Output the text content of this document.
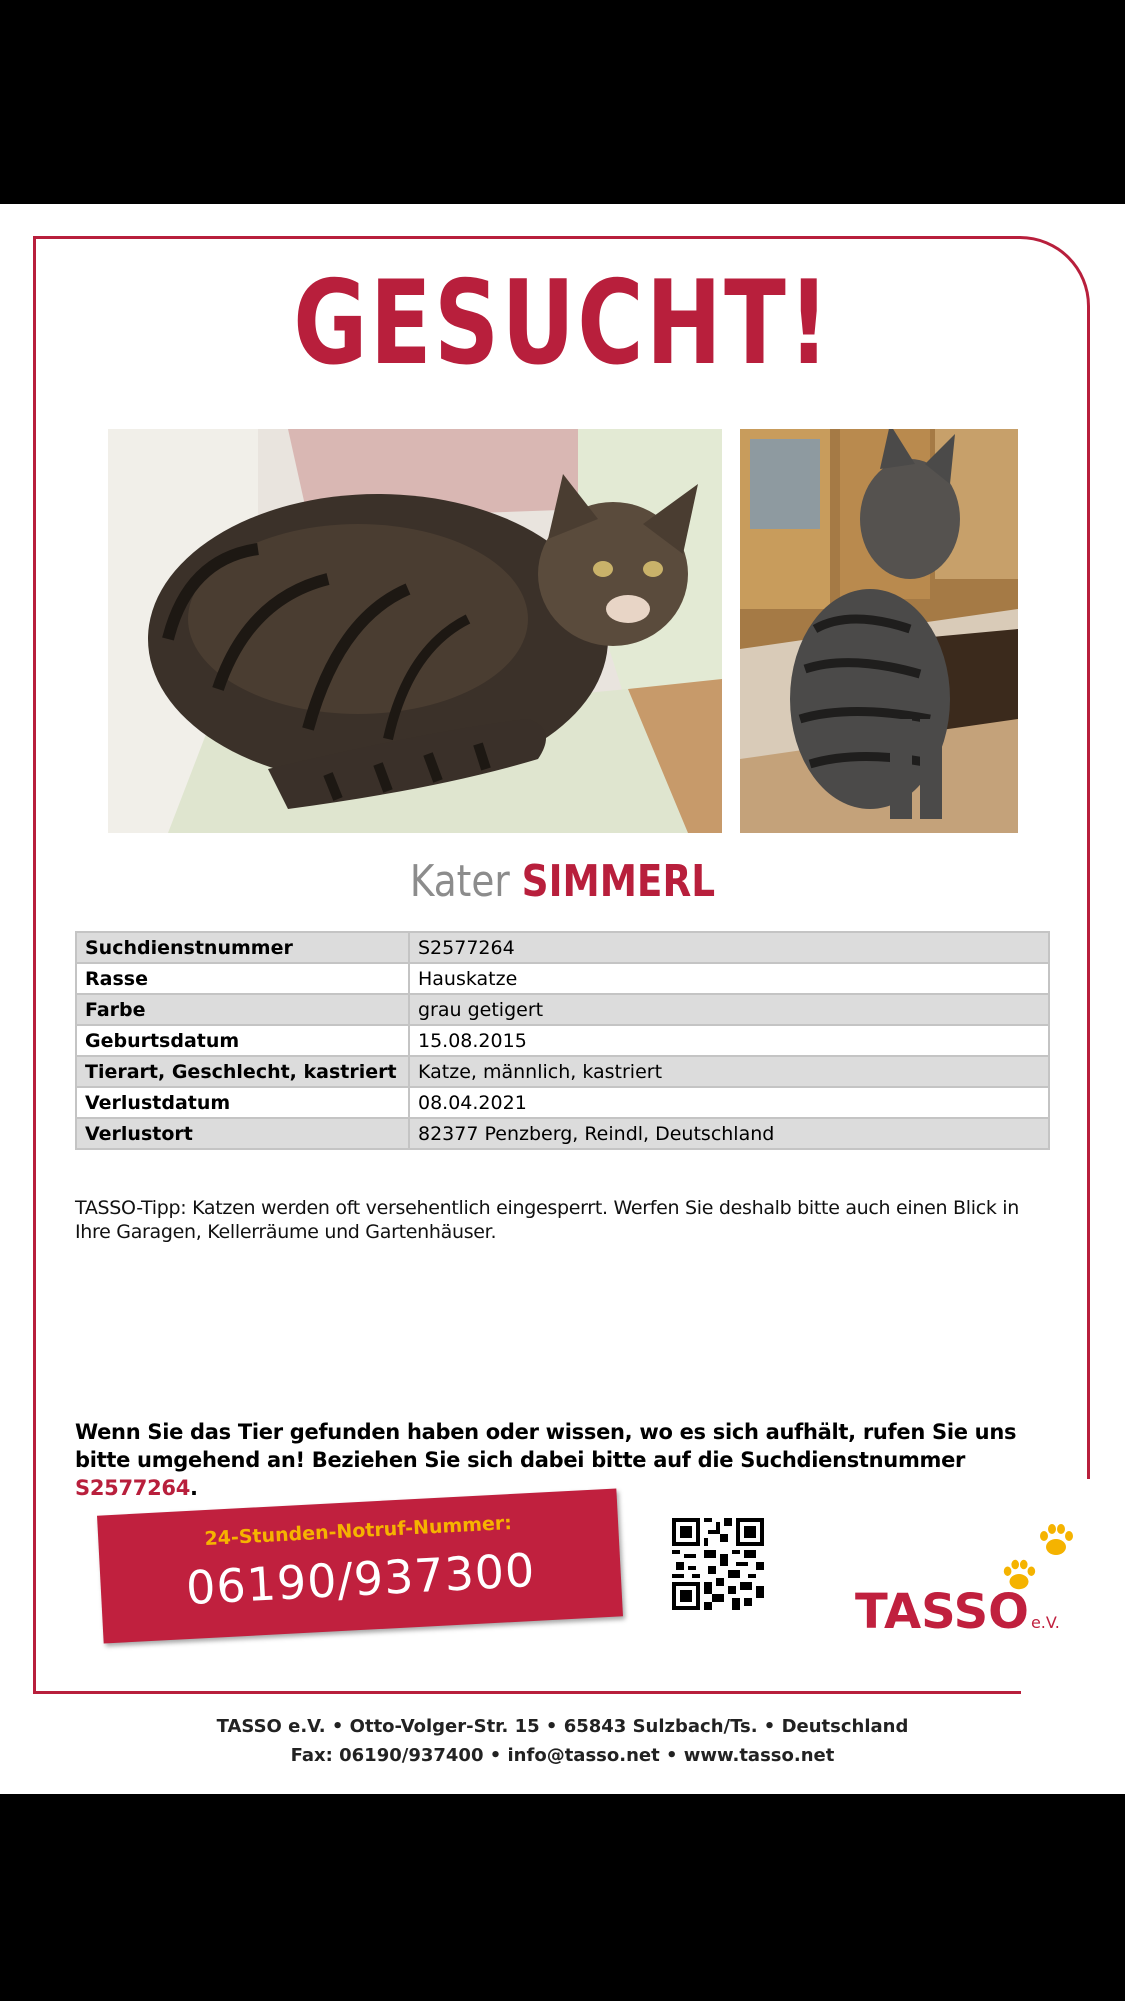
GESUCHT!
Kater SIMMERL
Suchdienstnummer	S2577264
Rasse	Hauskatze
Farbe	grau getigert
Geburtsdatum	15.08.2015
Tierart, Geschlecht, kastriert	Katze, männlich, kastriert
Verlustdatum	08.04.2021
Verlustort	82377 Penzberg, Reindl, Deutschland
TASSO-Tipp: Katzen werden oft versehentlich eingesperrt. Werfen Sie deshalb bitte auch einen Blick in Ihre Garagen, Kellerräume und Gartenhäuser.
Wenn Sie das Tier gefunden haben oder wissen, wo es sich aufhält, rufen Sie uns bitte umgehend an! Beziehen Sie sich dabei bitte auf die Suchdienstnummer S2577264.
24-Stunden-Notruf-Nummer:
06190/937300	TASSO e.V.
TASSO e.V. • Otto-Volger-Str. 15 • 65843 Sulzbach/Ts. • Deutschland
Fax: 06190/937400 • info@tasso.net • www.tasso.net
